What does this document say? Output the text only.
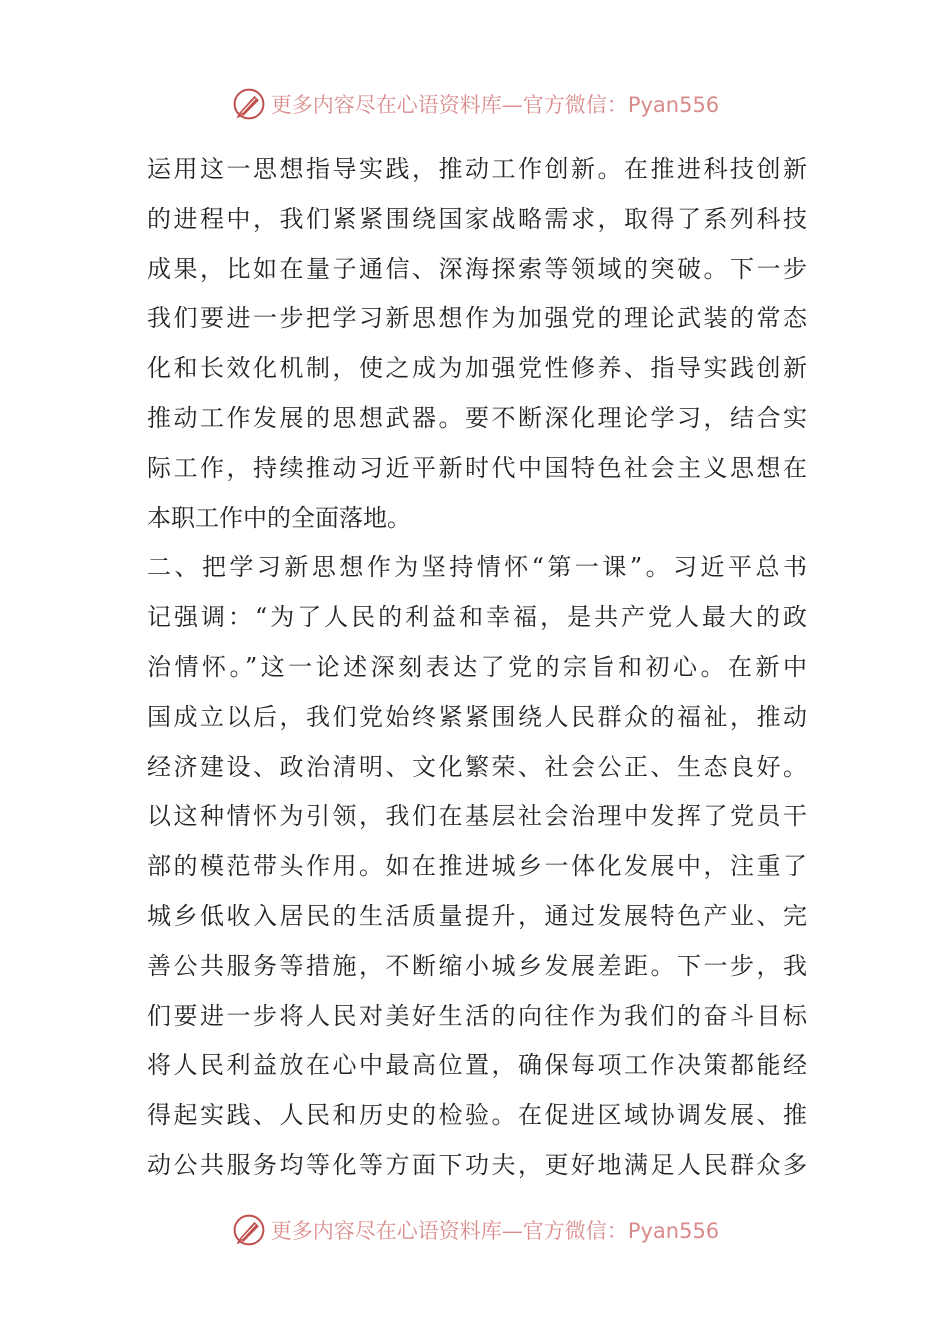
更多内容尽在心语资料库—官方微信：Pyan556
运用这一思想指导实践，推动工作创新。在推进科技创新
的进程中，我们紧紧围绕国家战略需求，取得了系列科技
成果，比如在量子通信、深海探索等领域的突破。下一步
我们要进一步把学习新思想作为加强党的理论武装的常态
化和长效化机制，使之成为加强党性修养、指导实践创新
推动工作发展的思想武器。要不断深化理论学习，结合实
际工作，持续推动习近平新时代中国特色社会主义思想在
本职工作中的全面落地。
二、把学习新思想作为坚持情怀“第一课”。习近平总书
记强调：“为了人民的利益和幸福，是共产党人最大的政
治情怀。”这一论述深刻表达了党的宗旨和初心。在新中
国成立以后，我们党始终紧紧围绕人民群众的福祉，推动
经济建设、政治清明、文化繁荣、社会公正、生态良好。
以这种情怀为引领，我们在基层社会治理中发挥了党员干
部的模范带头作用。如在推进城乡一体化发展中，注重了
城乡低收入居民的生活质量提升，通过发展特色产业、完
善公共服务等措施，不断缩小城乡发展差距。下一步，我
们要进一步将人民对美好生活的向往作为我们的奋斗目标
将人民利益放在心中最高位置，确保每项工作决策都能经
得起实践、人民和历史的检验。在促进区域协调发展、推
动公共服务均等化等方面下功夫，更好地满足人民群众多
更多内容尽在心语资料库—官方微信：Pyan556
